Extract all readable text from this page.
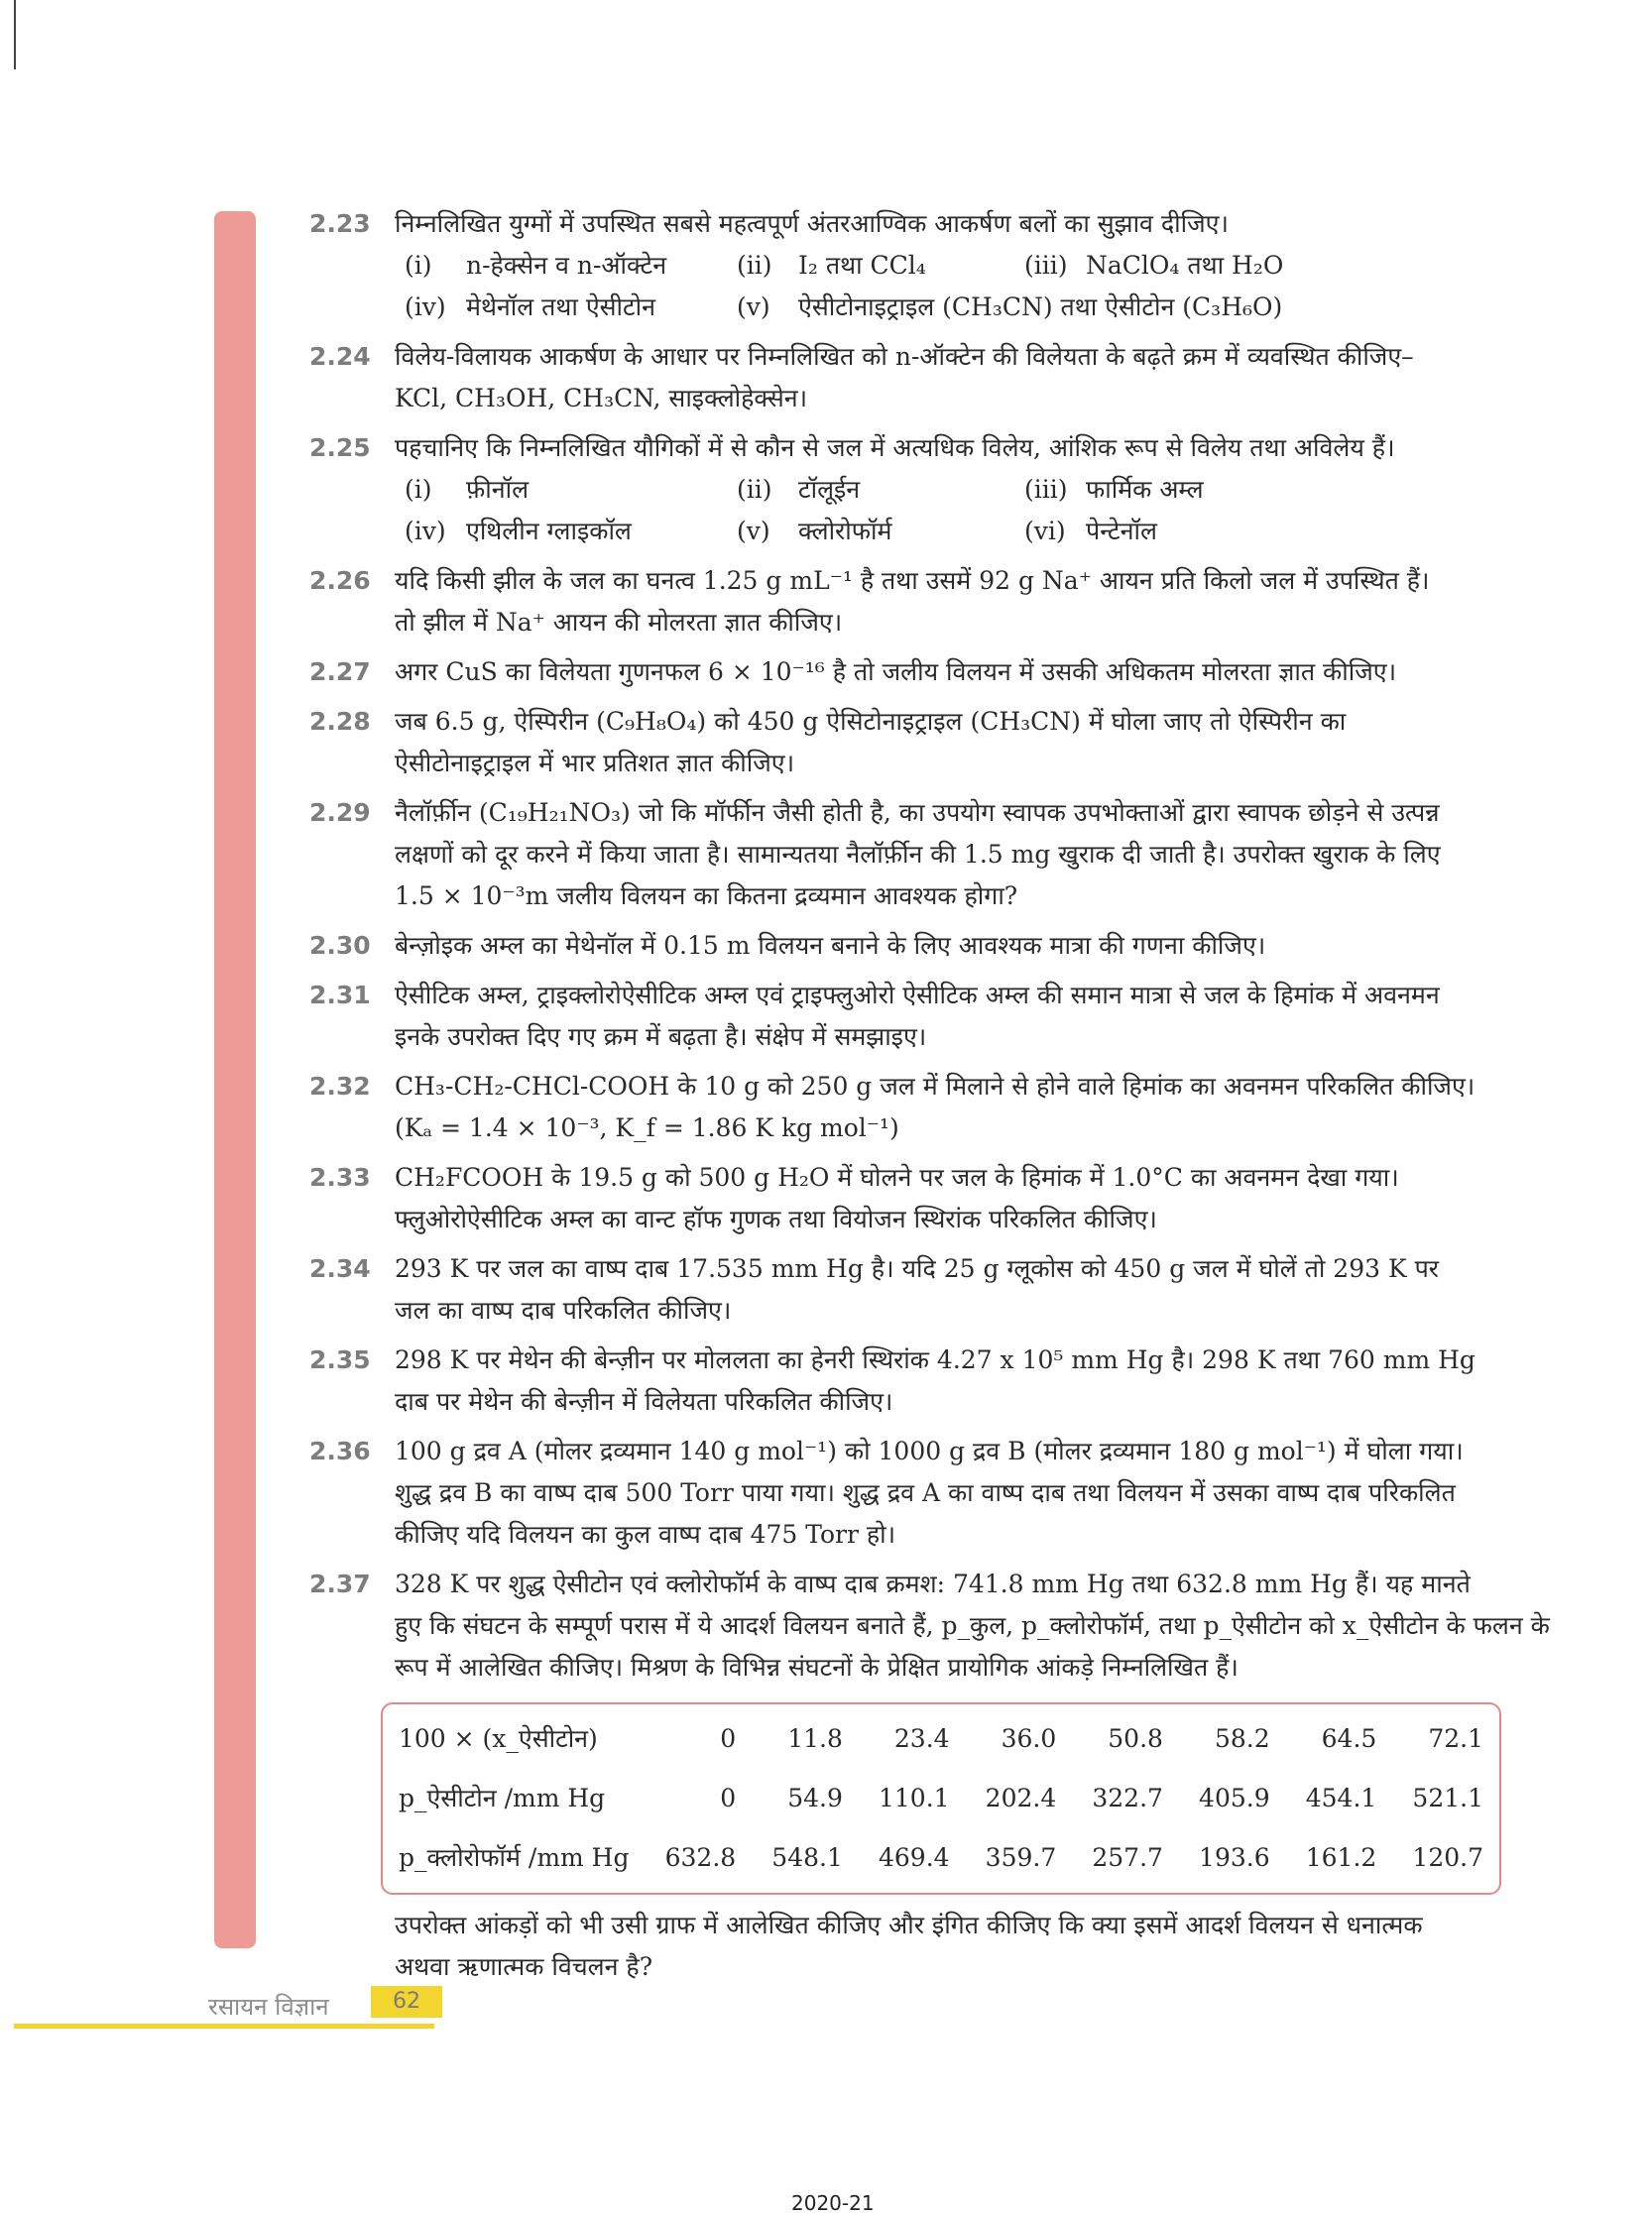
2.23 निम्नलिखित युग्मों में उपस्थित सबसे महत्वपूर्ण अंतरआण्विक आकर्षण बलों का सुझाव दीजिए।
(i)	n-हेक्सेन व n-ऑक्टेन	(ii)	I₂ तथा CCl₄	(iii) NaClO₄ तथा H₂O
(iv) मेथेनॉल तथा ऐसीटोन	(v)	ऐसीटोनाइट्राइल (CH₃CN) तथा ऐसीटोन (C₃H₆O)
2.24 विलेय-विलायक आकर्षण के आधार पर निम्नलिखित को n-ऑक्टेन की विलेयता के बढ़ते क्रम में व्यवस्थित कीजिए–
KCl, CH₃OH, CH₃CN, साइक्लोहेक्सेन।
2.25 पहचानिए कि निम्नलिखित यौगिकों में से कौन से जल में अत्यधिक विलेय, आंशिक रूप से विलेय तथा अविलेय हैं।
(i)	फ़ीनॉल	(ii)	टॉलूईन	(iii) फार्मिक अम्ल
(iv) एथिलीन ग्लाइकॉल	(v)	क्लोरोफॉर्म	(vi) पेन्टेनॉल
2.26 यदि किसी झील के जल का घनत्व 1.25 g mL⁻¹ है तथा उसमें 92 g Na⁺ आयन प्रति किलो जल में उपस्थित हैं।
तो झील में Na⁺ आयन की मोलरता ज्ञात कीजिए।
2.27 अगर CuS का विलेयता गुणनफल 6 × 10⁻¹⁶ है तो जलीय विलयन में उसकी अधिकतम मोलरता ज्ञात कीजिए।
2.28 जब 6.5 g, ऐस्पिरीन (C₉H₈O₄) को 450 g ऐसिटोनाइट्राइल (CH₃CN) में घोला जाए तो ऐस्पिरीन का
ऐसीटोनाइट्राइल में भार प्रतिशत ज्ञात कीजिए।
2.29 नैलॉर्फ़ीन (C₁₉H₂₁NO₃) जो कि मॉर्फीन जैसी होती है, का उपयोग स्वापक उपभोक्ताओं द्वारा स्वापक छोड़ने से उत्पन्न
लक्षणों को दूर करने में किया जाता है। सामान्यतया नैलॉर्फ़ीन की 1.5 mg खुराक दी जाती है। उपरोक्त खुराक के लिए
1.5 × 10⁻³m जलीय विलयन का कितना द्रव्यमान आवश्यक होगा?
2.30 बेन्ज़ोइक अम्ल का मेथेनॉल में 0.15 m विलयन बनाने के लिए आवश्यक मात्रा की गणना कीजिए।
2.31 ऐसीटिक अम्ल, ट्राइक्लोरोऐसीटिक अम्ल एवं ट्राइफ्लुओरो ऐसीटिक अम्ल की समान मात्रा से जल के हिमांक में अवनमन
इनके उपरोक्त दिए गए क्रम में बढ़ता है। संक्षेप में समझाइए।
2.32 CH₃-CH₂-CHCl-COOH के 10 g को 250 g जल में मिलाने से होने वाले हिमांक का अवनमन परिकलित कीजिए।
(Kₐ = 1.4 × 10⁻³, K_f = 1.86 K kg mol⁻¹)
2.33 CH₂FCOOH के 19.5 g को 500 g H₂O में घोलने पर जल के हिमांक में 1.0°C का अवनमन देखा गया।
फ्लुओरोऐसीटिक अम्ल का वान्ट हॉफ गुणक तथा वियोजन स्थिरांक परिकलित कीजिए।
2.34 293 K पर जल का वाष्प दाब 17.535 mm Hg है। यदि 25 g ग्लूकोस को 450 g जल में घोलें तो 293 K पर
जल का वाष्प दाब परिकलित कीजिए।
2.35 298 K पर मेथेन की बेन्ज़ीन पर मोललता का हेनरी स्थिरांक 4.27 x 10⁵ mm Hg है। 298 K तथा 760 mm Hg
दाब पर मेथेन की बेन्ज़ीन में विलेयता परिकलित कीजिए।
2.36 100 g द्रव A (मोलर द्रव्यमान 140 g mol⁻¹) को 1000 g द्रव B (मोलर द्रव्यमान 180 g mol⁻¹) में घोला गया।
शुद्ध द्रव B का वाष्प दाब 500 Torr पाया गया। शुद्ध द्रव A का वाष्प दाब तथा विलयन में उसका वाष्प दाब परिकलित
कीजिए यदि विलयन का कुल वाष्प दाब 475 Torr हो।
2.37 328 K पर शुद्ध ऐसीटोन एवं क्लोरोफॉर्म के वाष्प दाब क्रमश: 741.8 mm Hg तथा 632.8 mm Hg हैं। यह मानते
हुए कि संघटन के सम्पूर्ण परास में ये आदर्श विलयन बनाते हैं, p_कुल, p_क्लोरोफॉर्म, तथा p_ऐसीटोन को x_ऐसीटोन के फलन के
रूप में आलेखित कीजिए। मिश्रण के विभिन्न संघटनों के प्रेक्षित प्रायोगिक आंकड़े निम्नलिखित हैं।
100 × (x_ऐसीटोन)	0	11.8	23.4	36.0	50.8	58.2	64.5	72.1
p_ऐसीटोन /mm Hg	0	54.9	110.1	202.4	322.7	405.9	454.1	521.1
p_क्लोरोफॉर्म /mm Hg	632.8	548.1	469.4	359.7	257.7	193.6	161.2	120.7
उपरोक्त आंकड़ों को भी उसी ग्राफ में आलेखित कीजिए और इंगित कीजिए कि क्या इसमें आदर्श विलयन से धनात्मक
अथवा ऋणात्मक विचलन है?
रसायन विज्ञान	62
2020-21
